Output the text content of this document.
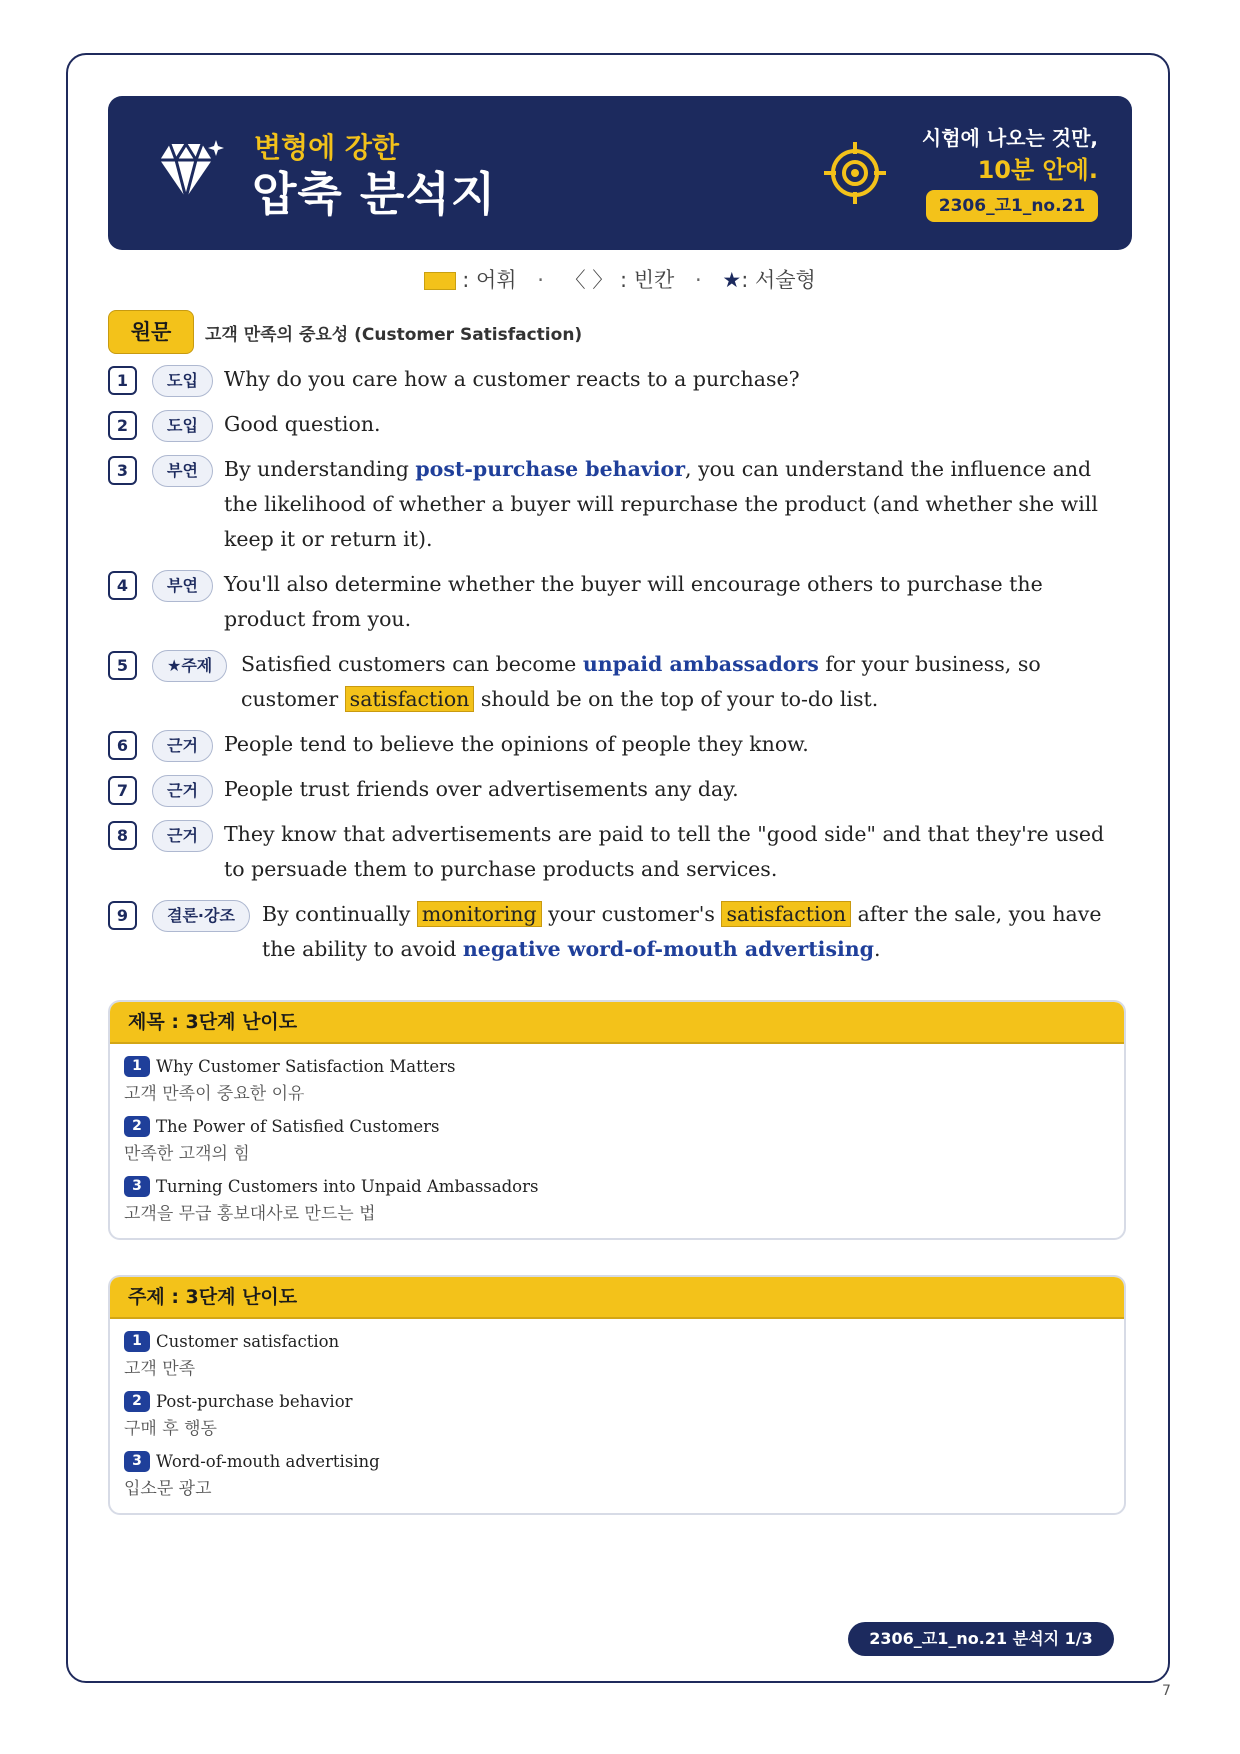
변형에 강한
압축 분석지
시험에 나오는 것만,
10분 안에.
2306_고1_no.21
: 어휘 · 〈 〉 : 빈칸 · ★: 서술형
원문	고객 만족의 중요성 (Customer Satisfaction)
1	도입	Why do you care how a customer reacts to a purchase?
2	도입	Good question.
3	부연	By understanding post-purchase behavior, you can understand the influence and the likelihood of whether a buyer will repurchase the product (and whether she will keep it or return it).
4	부연	You'll also determine whether the buyer will encourage others to purchase the product from you.
5	★주제	Satisfied customers can become unpaid ambassadors for your business, so customer satisfaction should be on the top of your to-do list.
6	근거	People tend to believe the opinions of people they know.
7	근거	People trust friends over advertisements any day.
8	근거	They know that advertisements are paid to tell the "good side" and that they're used to persuade them to purchase products and services.
9	결론·강조	By continually monitoring your customer's satisfaction after the sale, you have the ability to avoid negative word-of-mouth advertising.
제목 : 3단계 난이도
1 Why Customer Satisfaction Matters
고객 만족이 중요한 이유
2 The Power of Satisfied Customers
만족한 고객의 힘
3 Turning Customers into Unpaid Ambassadors
고객을 무급 홍보대사로 만드는 법
주제 : 3단계 난이도
1 Customer satisfaction
고객 만족
2 Post-purchase behavior
구매 후 행동
3 Word-of-mouth advertising
입소문 광고
2306_고1_no.21 분석지 1/3
7
